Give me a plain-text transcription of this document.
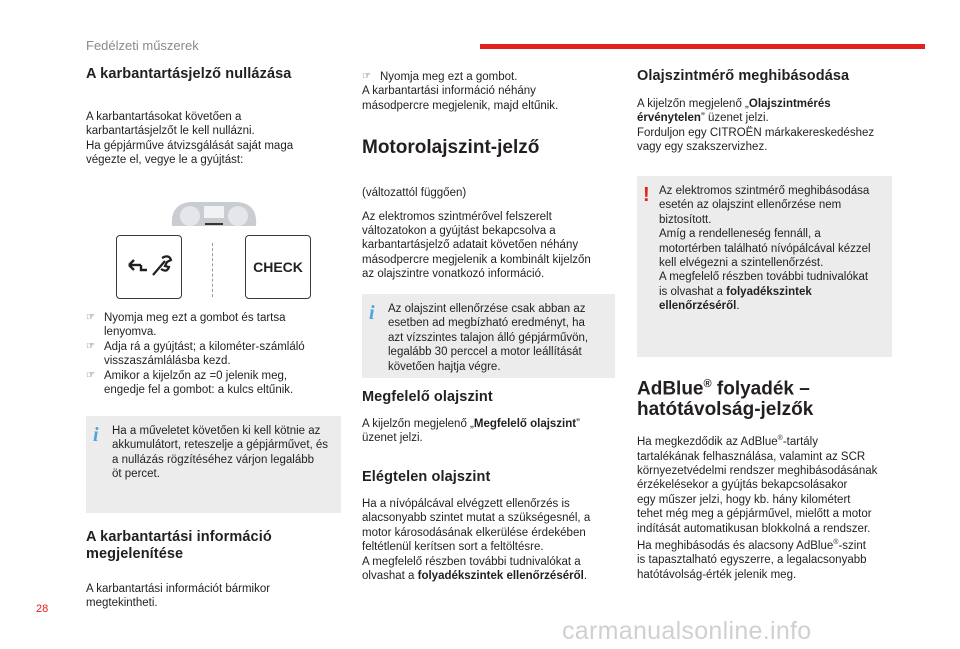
Fedélzeti műszerek
A karbantartásjelző nullázása

A karbantartásokat követően a

karbantartásjelzőt le kell nullázni.

Ha gépjárműve átvizsgálását saját maga

végezte el, vegye le a gyújtást:

CHECK
☞ Nyomja meg ezt a gombot és tartsa

lenyomva.

☞ Adja rá a gyújtást; a kilométer-számláló

visszaszámlálásba kezd.

☞ Amikor a kijelzőn az =0 jelenik meg,

engedje fel a gombot: a kulcs eltűnik.

i Ha a műveletet követően ki kell kötnie az

akkumulátort, reteszelje a gépjárművet, és

a nullázás rögzítéséhez várjon legalább

öt percet.

A karbantartási információ
megjelenítése

A karbantartási információt bármikor

megtekintheti.

☞ Nyomja meg ezt a gombot.

A karbantartási információ néhány

másodpercre megjelenik, majd eltűnik.

Motorolajszint-jelző

(változattól függően)

Az elektromos szintmérővel felszerelt

változatokon a gyújtást bekapcsolva a

karbantartásjelző adatait követően néhány

másodpercre megjelenik a kombinált kijelzőn

az olajszintre vonatkozó információ.

i Az olajszint ellenőrzése csak abban az

esetben ad megbízható eredményt, ha

azt vízszintes talajon álló gépjárművön,

legalább 30 perccel a motor leállítását

követően hajtja végre.

Megfelelő olajszint

A kijelzőn megjelenő „Megfelelő olajszint”

üzenet jelzi.

Elégtelen olajszint

Ha a nívópálcával elvégzett ellenőrzés is

alacsonyabb szintet mutat a szükségesnél, a

motor károsodásának elkerülése érdekében

feltétlenül kerítsen sort a feltöltésre.

A megfelelő részben további tudnivalókat a

olvashat a folyadékszintek ellenőrzéséről.

Olajszintmérő meghibásodása

A kijelzőn megjelenő „Olajszintmérés

érvénytelen” üzenet jelzi.

Forduljon egy CITROËN márkakereskedéshez

vagy egy szakszervizhez.

! Az elektromos szintmérő meghibásodása

esetén az olajszint ellenőrzése nem

biztosított.

Amíg a rendelleneség fennáll, a

motortérben található nívópálcával kézzel

kell elvégezni a szintellenőrzést.

A megfelelő részben további tudnivalókat

is olvashat a folyadékszintek

ellenőrzéséről.

AdBlue® folyadék –
hatótávolság-jelzők

Ha megkezdődik az AdBlue®-tartály

tartalékának felhasználása, valamint az SCR

környezetvédelmi rendszer meghibásodásának

érzékelésekor a gyújtás bekapcsolásakor

egy műszer jelzi, hogy kb. hány kilométert

tehet még meg a gépjárművel, mielőtt a motor

indítását automatikusan blokkolná a rendszer.

Ha meghibásodás és alacsony AdBlue®-szint

is tapasztalható egyszerre, a legalacsonyabb

hatótávolság-érték jelenik meg.

28
carmanualsonline.info
